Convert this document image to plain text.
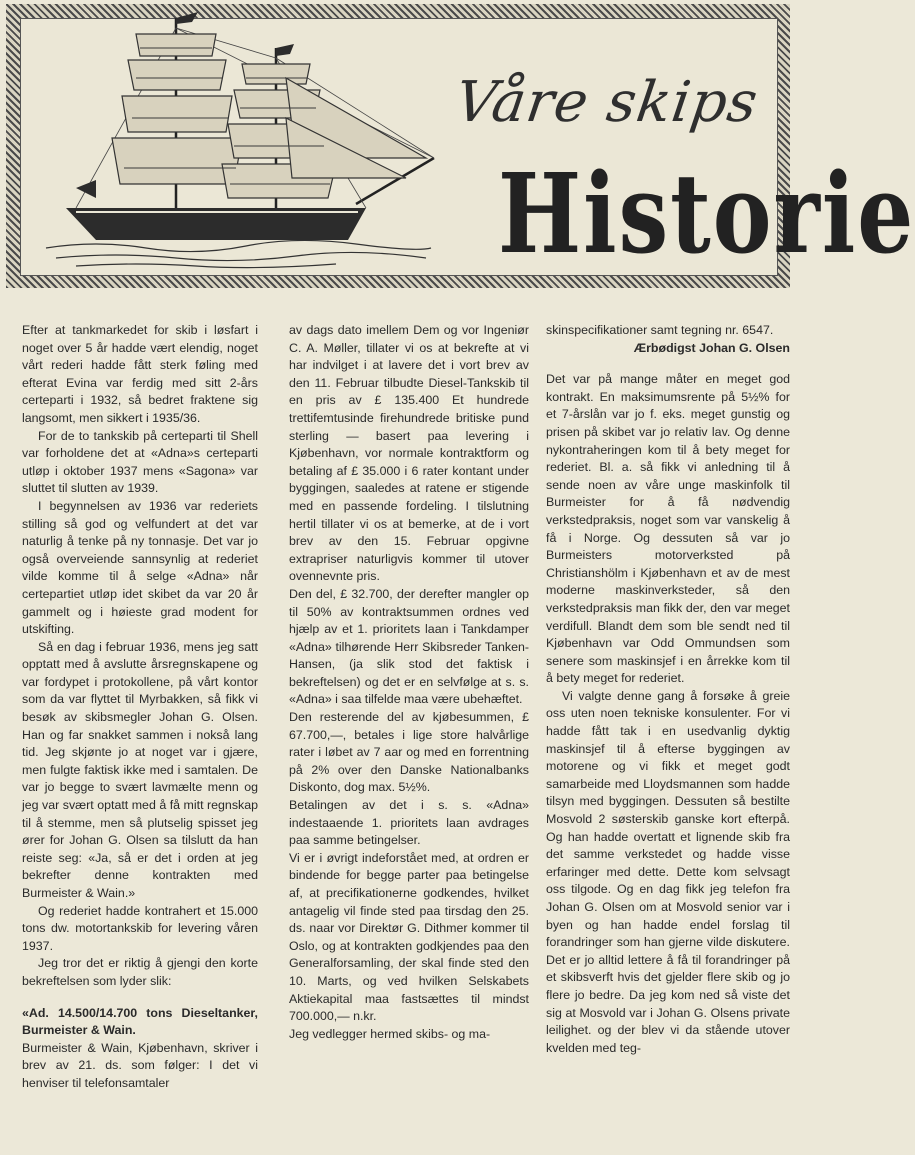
Våre skips
Historie

Efter at tankmarkedet for skib i løsfart i noget over 5 år hadde vært elendig, noget vårt rederi hadde fått sterk føling med efterat Evina var ferdig med sitt 2-års certeparti i 1932, så bedret fraktene sig langsomt, men sikkert i 1935/36.

For de to tankskib på certeparti til Shell var forholdene det at «Adna»s certeparti utløp i oktober 1937 mens «Sagona» var sluttet til slutten av 1939.

I begynnelsen av 1936 var rederiets stilling så god og velfundert at det var naturlig å tenke på ny tonnasje. Det var jo også overveiende sannsynlig at rederiet vilde komme til å selge «Adna» når certepartiet utløp idet skibet da var 20 år gammelt og i høieste grad modent for utskifting.

Så en dag i februar 1936, mens jeg satt opptatt med å avslutte årsregnskapene og var fordypet i protokollene, på vårt kontor som da var flyttet til Myrbakken, så fikk vi besøk av skibsmegler Johan G. Olsen. Han og far snakket sammen i nokså lang tid. Jeg skjønte jo at noget var i gjære, men fulgte faktisk ikke med i samtalen. De var jo begge to svært lavmælte menn og jeg var svært optatt med å få mitt regnskap til å stemme, men så plutselig spisset jeg ører for Johan G. Olsen sa tilslutt da han reiste seg: «Ja, så er det i orden at jeg bekrefter denne kontrakten med Burmeister & Wain.»

Og rederiet hadde kontrahert et 15.000 tons dw. motortankskib for levering våren 1937.

Jeg tror det er riktig å gjengi den korte bekreftelsen som lyder slik:

«Ad. 14.500/14.700 tons Dieseltanker, Burmeister & Wain.

Burmeister & Wain, Kjøbenhavn, skriver i brev av 21. ds. som følger: I det vi henviser til telefonsamtaler

av dags dato imellem Dem og vor Ingeniør C. A. Møller, tillater vi os at bekrefte at vi har indvilget i at lavere det i vort brev av den 11. Februar tilbudte Diesel-Tankskib til en pris av £ 135.400 Et hundrede trettifemtusinde firehundrede britiske pund sterling — basert paa levering i Kjøbenhavn, vor normale kontraktform og betaling af £ 35.000 i 6 rater kontant under byggingen, saaledes at ratene er stigende med en passende fordeling. I tilslutning hertil tillater vi os at bemerke, at de i vort brev av den 15. Februar opgivne extrapriser naturligvis kommer til utover ovennevnte pris.

Den del, £ 32.700, der derefter mangler op til 50% av kontraktsummen ordnes ved hjælp av et 1. prioritets laan i Tankdamper «Adna» tilhørende Herr Skibsreder Tanken-Hansen, (ja slik stod det faktisk i bekreftelsen) og det er en selvfølge at s. s. «Adna» i saa tilfelde maa være ubehæftet.

Den resterende del av kjøbesummen, £ 67.700,—, betales i lige store halvårlige rater i løbet av 7 aar og med en forrentning på 2% over den Danske Nationalbanks Diskonto, dog max. 5½%.

Betalingen av det i s. s. «Adna» indestaaende 1. prioritets laan avdrages paa samme betingelser.

Vi er i øvrigt indeforstået med, at ordren er bindende for begge parter paa betingelse af, at precifikationerne godkendes, hvilket antagelig vil finde sted paa tirsdag den 25. ds. naar vor Direktør G. Dithmer kommer til Oslo, og at kontrakten godkjendes paa den Generalforsamling, der skal finde sted den 10. Marts, og ved hvilken Selskabets Aktiekapital maa fastsættes til mindst 700.000,— n.kr.

Jeg vedlegger hermed skibs- og ma-

skinspecifikationer samt tegning nr. 6547.

Ærbødigst Johan G. Olsen

Det var på mange måter en meget god kontrakt. En maksimumsrente på 5½% for et 7-årslån var jo f. eks. meget gunstig og prisen på skibet var jo relativ lav. Og denne nykontraheringen kom til å bety meget for rederiet. Bl. a. så fikk vi anledning til å sende noen av våre unge maskinfolk til Burmeister for å få nødvendig verkstedpraksis, noget som var vanskelig å få i Norge. Og dessuten så var jo Burmeisters motorverksted på Christianshölm i Kjøbenhavn et av de mest moderne maskinverksteder, så den verkstedpraksis man fikk der, den var meget verdifull. Blandt dem som ble sendt ned til Kjøbenhavn var Odd Ommundsen som senere som maskinsjef i en årrekke kom til å bety meget for rederiet.

Vi valgte denne gang å forsøke å greie oss uten noen tekniske konsulenter. For vi hadde fått tak i en usedvanlig dyktig maskinsjef til å efterse byggingen av motorene og vi fikk et meget godt samarbeide med Lloydsmannen som hadde tilsyn med byggingen. Dessuten så bestilte Mosvold 2 søsterskib ganske kort efterpå. Og han hadde overtatt et lignende skib fra det samme verkstedet og hadde visse erfaringer med dette. Dette kom selvsagt oss tilgode. Og en dag fikk jeg telefon fra Johan G. Olsen om at Mosvold senior var i byen og han hadde endel forslag til forandringer som han gjerne vilde diskutere. Det er jo alltid lettere å få til forandringer på et skibsverft hvis det gjelder flere skib og jo flere jo bedre. Da jeg kom ned så viste det sig at Mosvold var i Johan G. Olsens private leilighet. og der blev vi da stående utover kvelden med teg-
